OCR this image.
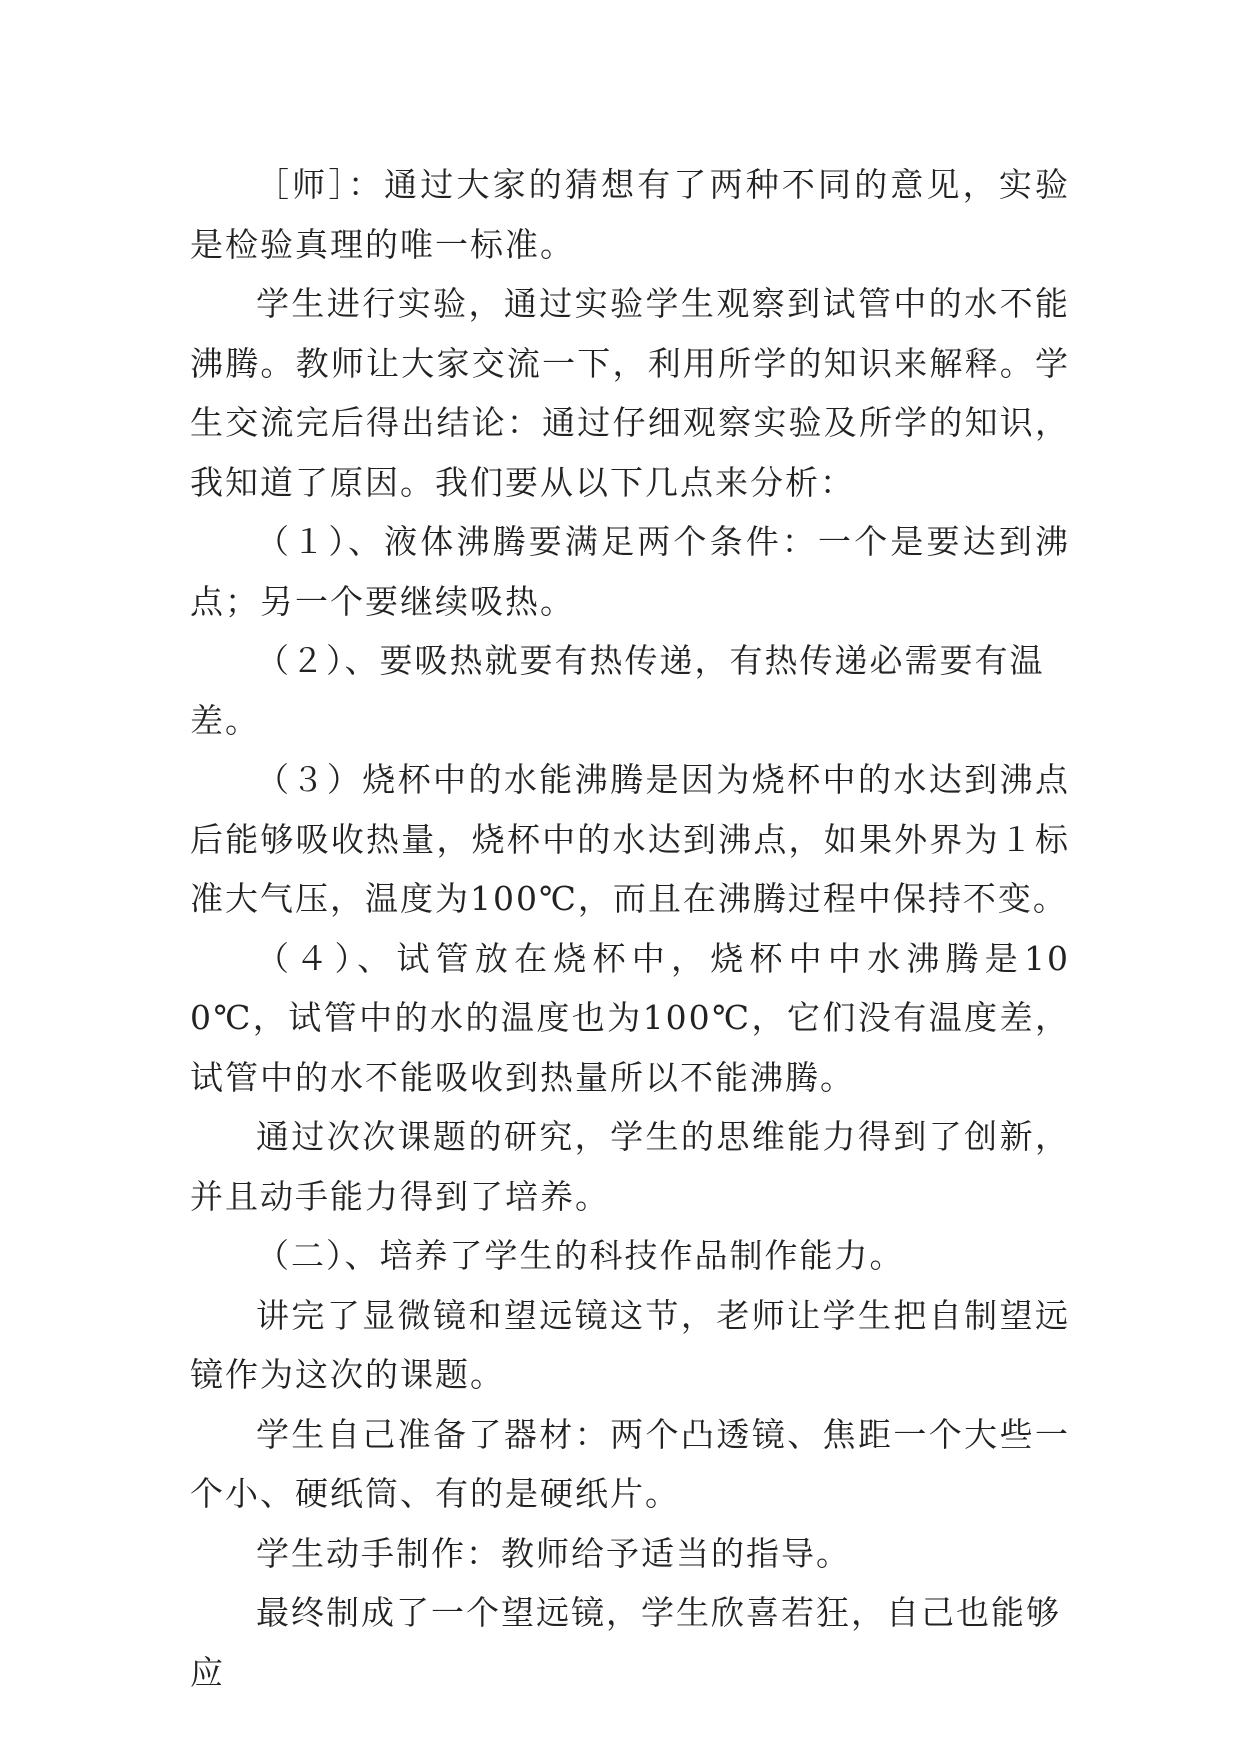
［师］：通过大家的猜想有了两种不同的意见，实验是检验真理的唯一标准。

学生进行实验，通过实验学生观察到试管中的水不能沸腾。教师让大家交流一下，利用所学的知识来解释。学生交流完后得出结论：通过仔细观察实验及所学的知识，我知道了原因。我们要从以下几点来分析：

（１）、液体沸腾要满足两个条件：一个是要达到沸点；另一个要继续吸热。

（２）、要吸热就要有热传递，有热传递必需要有温差。

（３）烧杯中的水能沸腾是因为烧杯中的水达到沸点后能够吸收热量，烧杯中的水达到沸点，如果外界为１标准大气压，温度为100℃，而且在沸腾过程中保持不变。

（４）、试管放在烧杯中，烧杯中中水沸腾是100℃，试管中的水的温度也为100℃，它们没有温度差，试管中的水不能吸收到热量所以不能沸腾。

通过次次课题的研究，学生的思维能力得到了创新，并且动手能力得到了培养。

（二）、培养了学生的科技作品制作能力。

讲完了显微镜和望远镜这节，老师让学生把自制望远镜作为这次的课题。

学生自己准备了器材：两个凸透镜、焦距一个大些一个小、硬纸筒、有的是硬纸片。

学生动手制作：教师给予适当的指导。

最终制成了一个望远镜，学生欣喜若狂，自己也能够应
